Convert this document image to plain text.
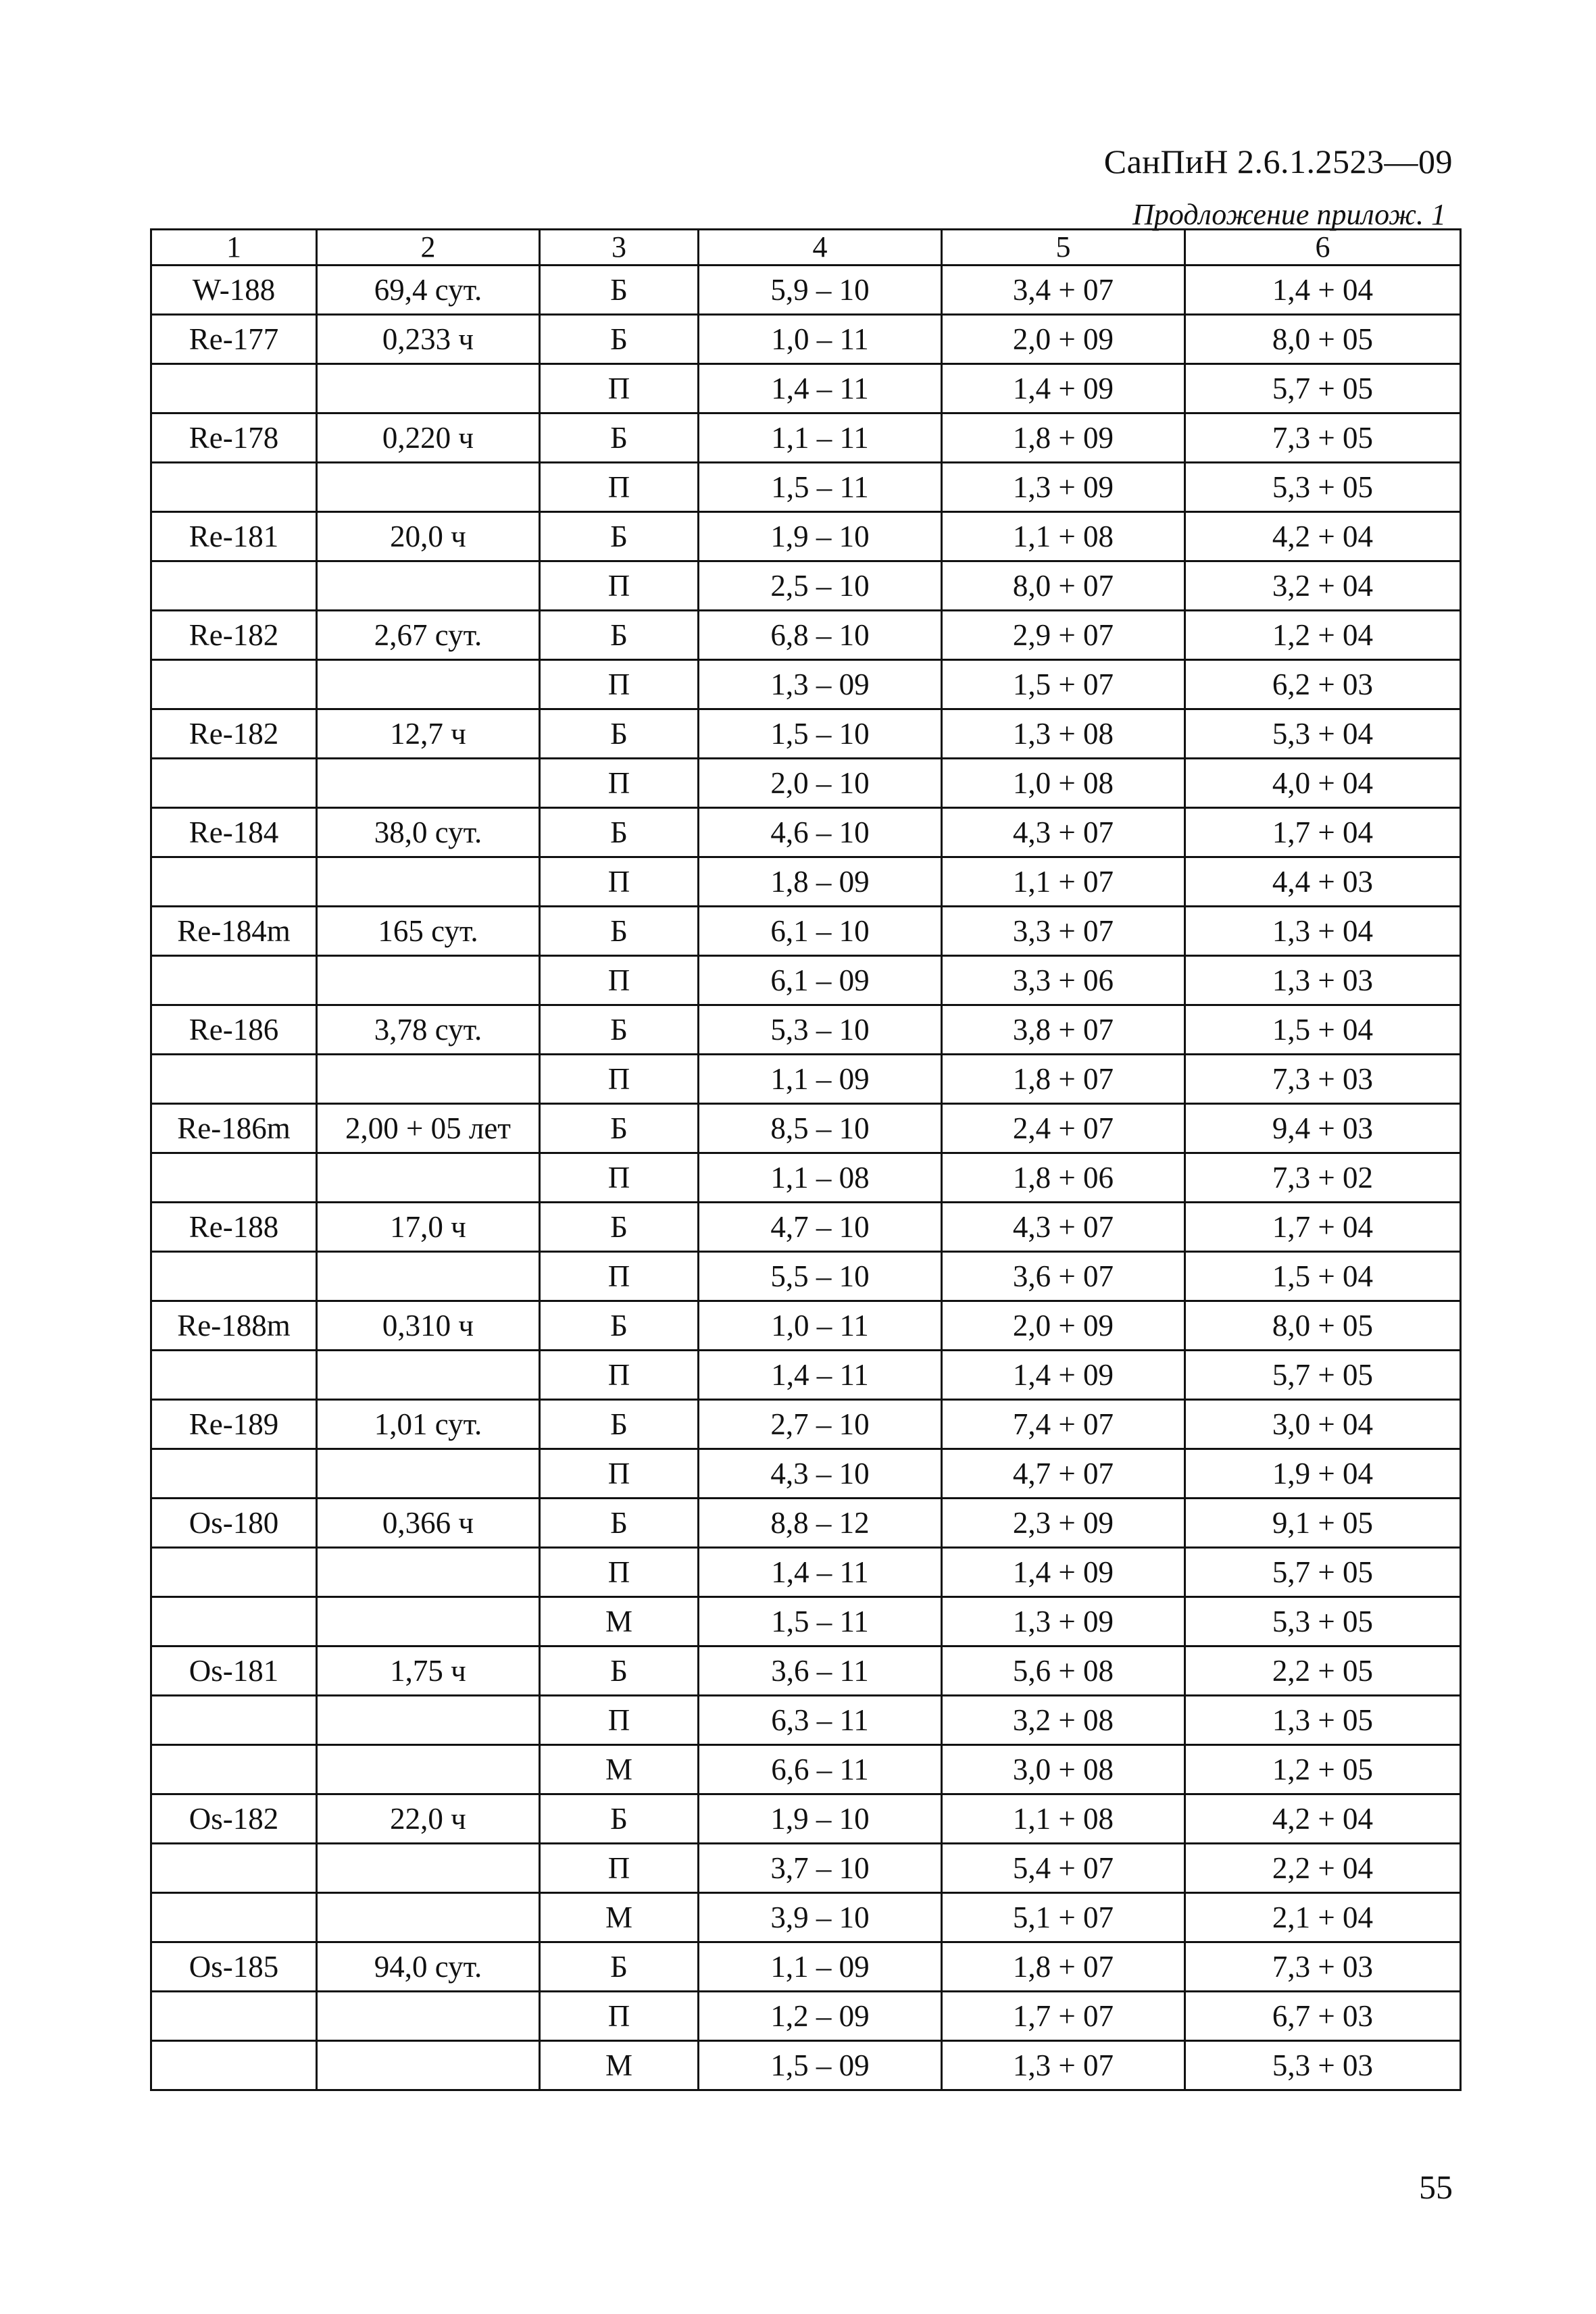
СанПиН 2.6.1.2523—09
Продложение прилож. 1
1	2	3	4	5	6
W-188	69,4 сут.	Б	5,9 – 10	3,4 + 07	1,4 + 04
Re-177	0,233 ч	Б	1,0 – 11	2,0 + 09	8,0 + 05
		П	1,4 – 11	1,4 + 09	5,7 + 05
Re-178	0,220 ч	Б	1,1 – 11	1,8 + 09	7,3 + 05
		П	1,5 – 11	1,3 + 09	5,3 + 05
Re-181	20,0 ч	Б	1,9 – 10	1,1 + 08	4,2 + 04
		П	2,5 – 10	8,0 + 07	3,2 + 04
Re-182	2,67 сут.	Б	6,8 – 10	2,9 + 07	1,2 + 04
		П	1,3 – 09	1,5 + 07	6,2 + 03
Re-182	12,7 ч	Б	1,5 – 10	1,3 + 08	5,3 + 04
		П	2,0 – 10	1,0 + 08	4,0 + 04
Re-184	38,0 сут.	Б	4,6 – 10	4,3 + 07	1,7 + 04
		П	1,8 – 09	1,1 + 07	4,4 + 03
Re-184m	165 сут.	Б	6,1 – 10	3,3 + 07	1,3 + 04
		П	6,1 – 09	3,3 + 06	1,3 + 03
Re-186	3,78 сут.	Б	5,3 – 10	3,8 + 07	1,5 + 04
		П	1,1 – 09	1,8 + 07	7,3 + 03
Re-186m	2,00 + 05 лет	Б	8,5 – 10	2,4 + 07	9,4 + 03
		П	1,1 – 08	1,8 + 06	7,3 + 02
Re-188	17,0 ч	Б	4,7 – 10	4,3 + 07	1,7 + 04
		П	5,5 – 10	3,6 + 07	1,5 + 04
Re-188m	0,310 ч	Б	1,0 – 11	2,0 + 09	8,0 + 05
		П	1,4 – 11	1,4 + 09	5,7 + 05
Re-189	1,01 сут.	Б	2,7 – 10	7,4 + 07	3,0 + 04
		П	4,3 – 10	4,7 + 07	1,9 + 04
Os-180	0,366 ч	Б	8,8 – 12	2,3 + 09	9,1 + 05
		П	1,4 – 11	1,4 + 09	5,7 + 05
		М	1,5 – 11	1,3 + 09	5,3 + 05
Os-181	1,75 ч	Б	3,6 – 11	5,6 + 08	2,2 + 05
		П	6,3 – 11	3,2 + 08	1,3 + 05
		М	6,6 – 11	3,0 + 08	1,2 + 05
Os-182	22,0 ч	Б	1,9 – 10	1,1 + 08	4,2 + 04
		П	3,7 – 10	5,4 + 07	2,2 + 04
		М	3,9 – 10	5,1 + 07	2,1 + 04
Os-185	94,0 сут.	Б	1,1 – 09	1,8 + 07	7,3 + 03
		П	1,2 – 09	1,7 + 07	6,7 + 03
		М	1,5 – 09	1,3 + 07	5,3 + 03
55
